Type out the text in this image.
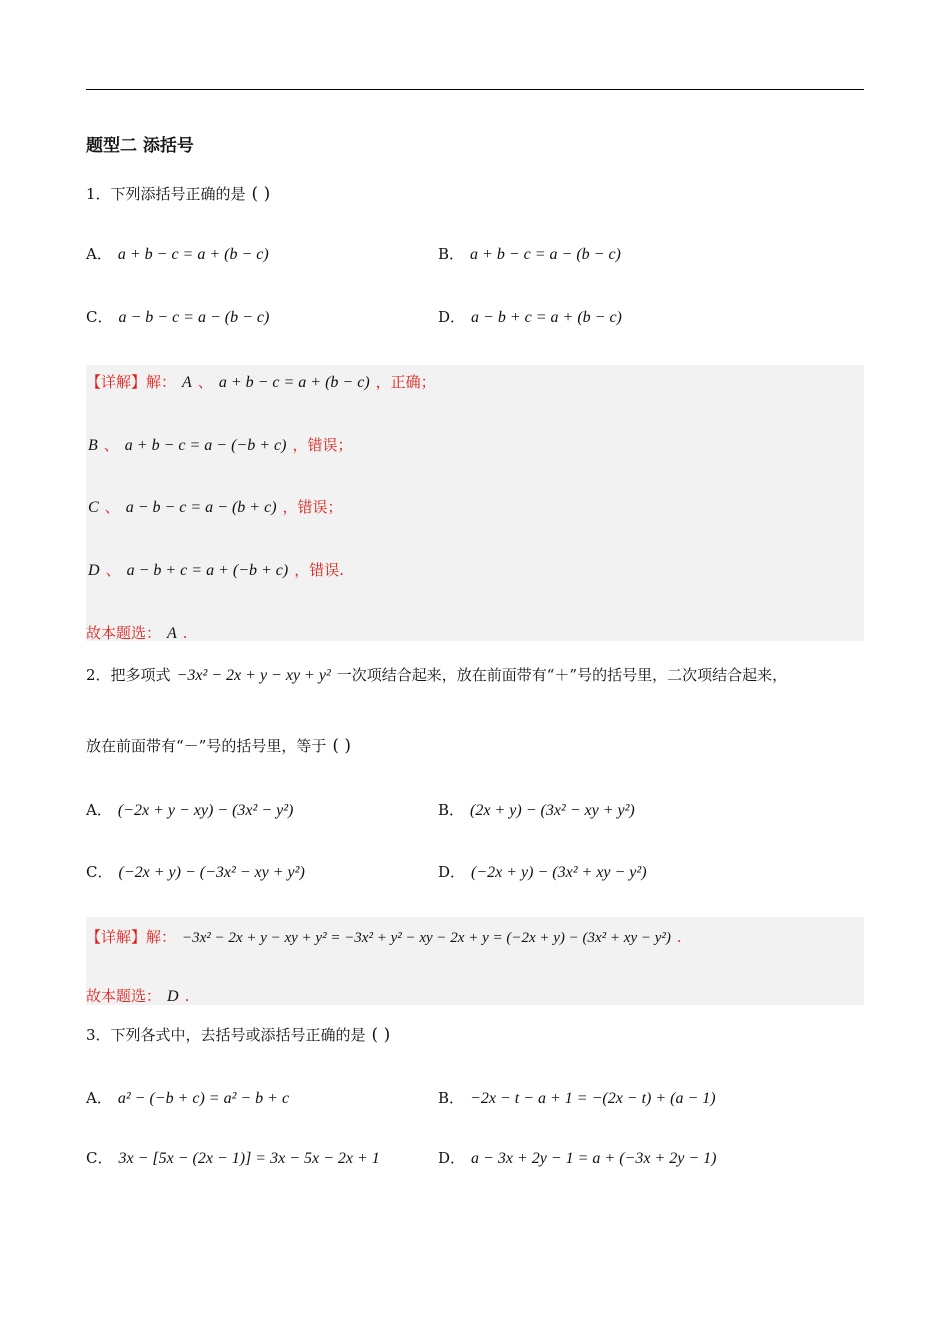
题型二 添括号
1．下列添括号正确的是 ( )
A． a + b − c = a + (b − c)	B． a + b − c = a − (b − c)
C． a − b − c = a − (b − c)	D． a − b + c = a + (b − c)
【详解】解： A 、 a + b − c = a + (b − c) ，正确；
B 、 a + b − c = a − (−b + c) ，错误；
C 、 a − b − c = a − (b + c) ，错误；
D 、 a − b + c = a + (−b + c) ，错误.
故本题选： A .
2．把多项式 −3x² − 2x + y − xy + y² 一次项结合起来，放在前面带有“＋”号的括号里，二次项结合起来，
放在前面带有“－”号的括号里，等于 ( )
A． (−2x + y − xy) − (3x² − y²)	B． (2x + y) − (3x² − xy + y²)
C． (−2x + y) − (−3x² − xy + y²)	D． (−2x + y) − (3x² + xy − y²)
【详解】解： −3x² − 2x + y − xy + y² = −3x² + y² − xy − 2x + y = (−2x + y) − (3x² + xy − y²) .
故本题选： D .
3．下列各式中，去括号或添括号正确的是 ( )
A． a² − (−b + c) = a² − b + c	B． −2x − t − a + 1 = −(2x − t) + (a − 1)
C． 3x − [5x − (2x − 1)] = 3x − 5x − 2x + 1	D． a − 3x + 2y − 1 = a + (−3x + 2y − 1)
